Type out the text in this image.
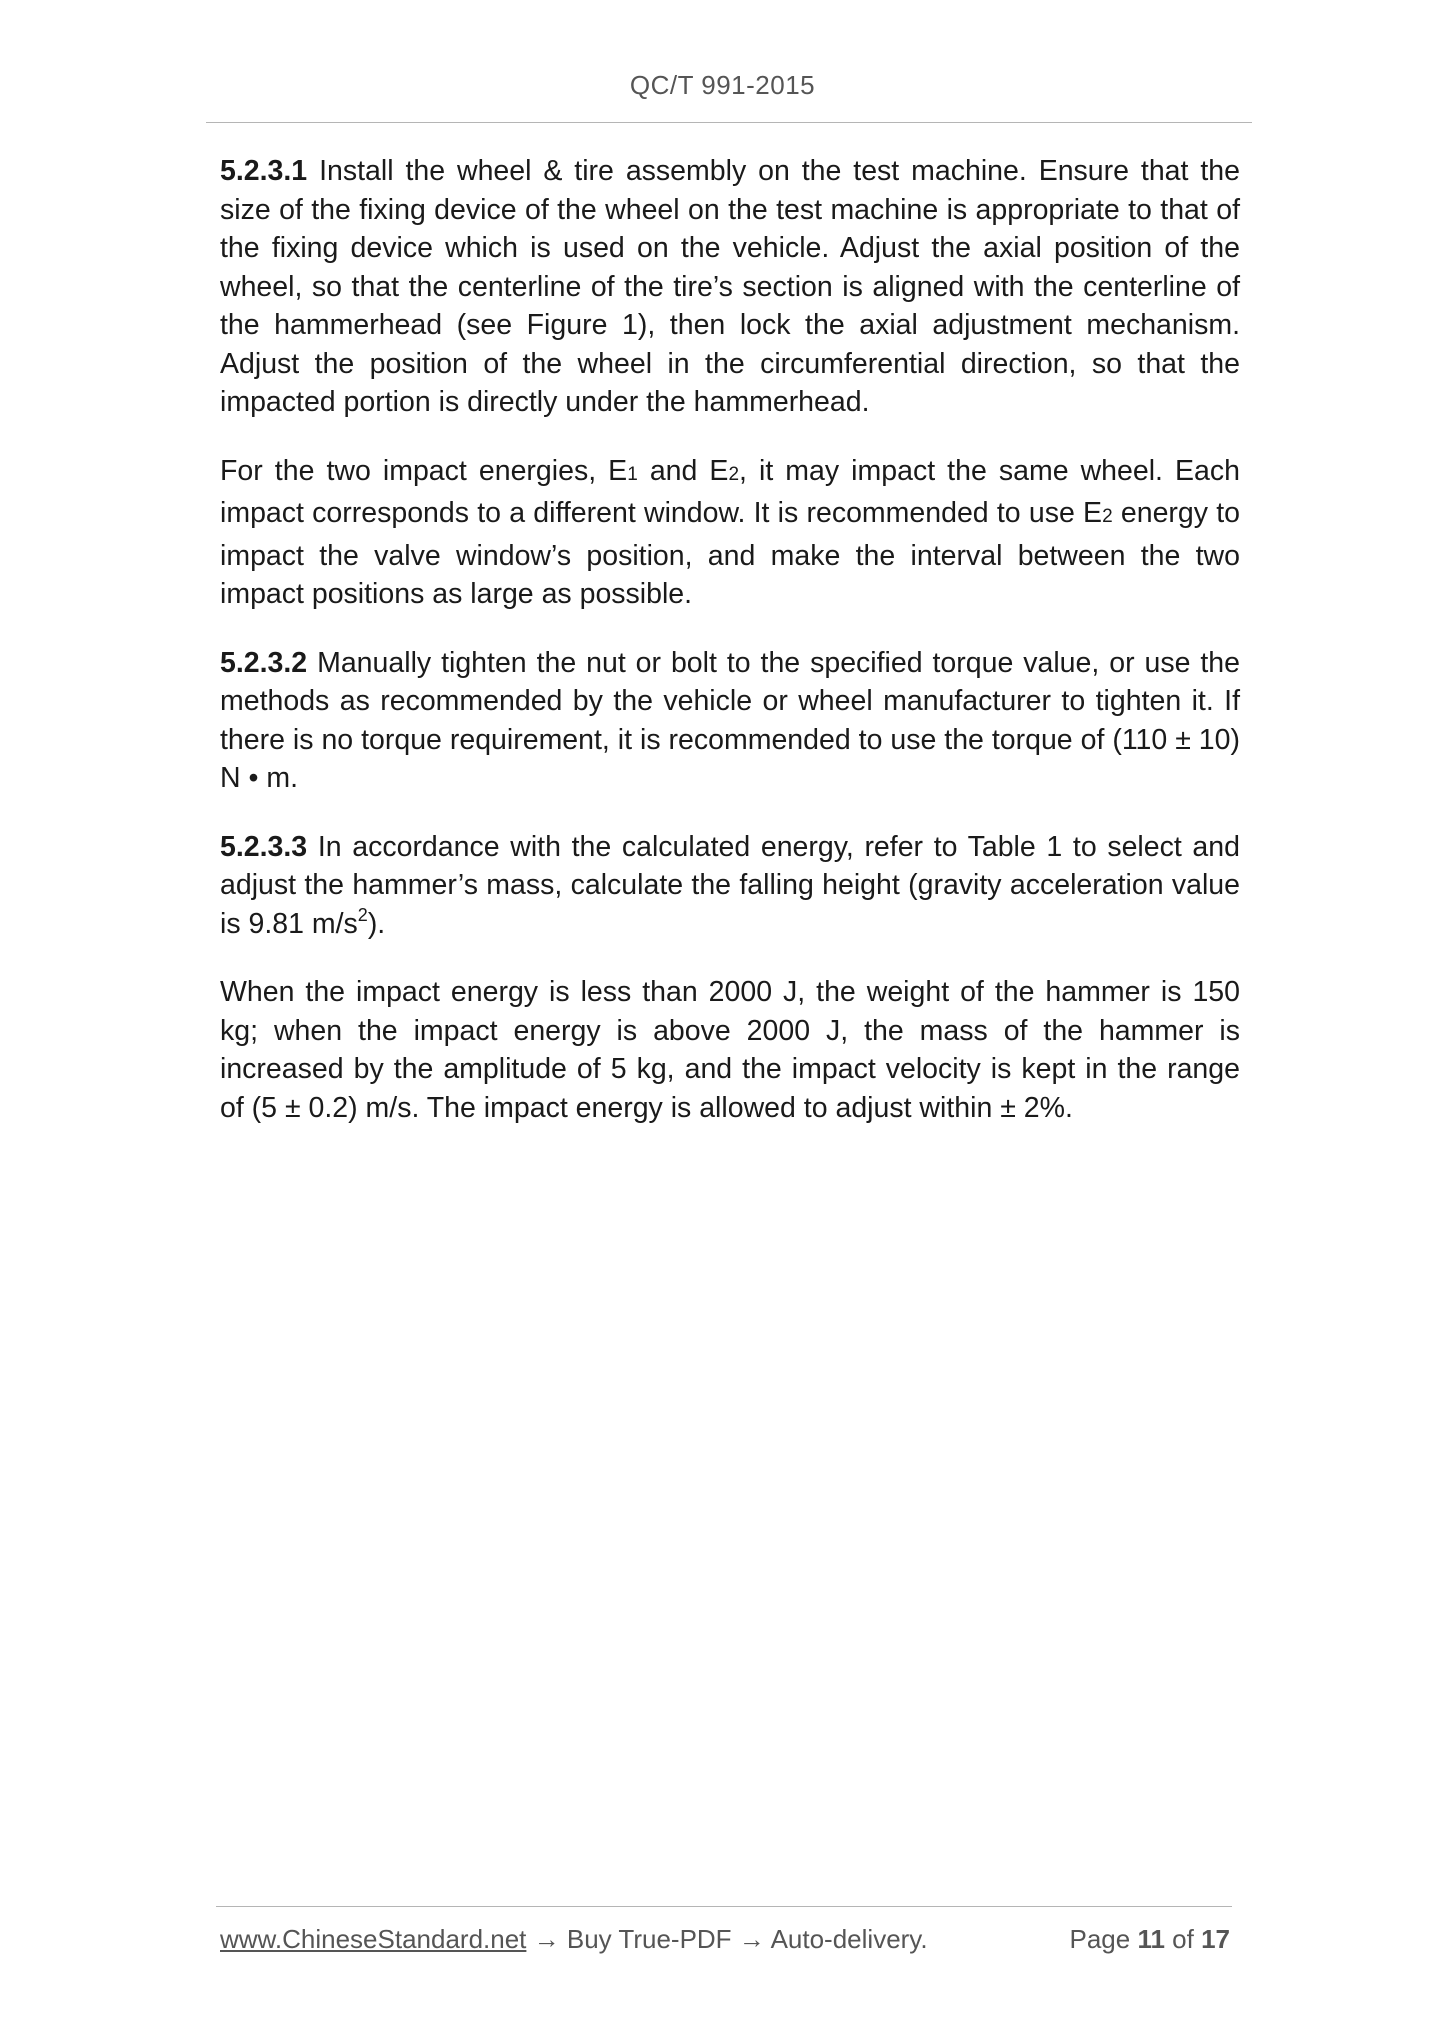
QC/T 991-2015

5.2.3.1 Install the wheel & tire assembly on the test machine. Ensure that the size of the fixing device of the wheel on the test machine is appropriate to that of the fixing device which is used on the vehicle. Adjust the axial position of the wheel, so that the centerline of the tire’s section is aligned with the centerline of the hammerhead (see Figure 1), then lock the axial adjustment mechanism. Adjust the position of the wheel in the circumferential direction, so that the impacted portion is directly under the hammerhead.

For the two impact energies, E1 and E2, it may impact the same wheel. Each impact corresponds to a different window. It is recommended to use E2 energy to impact the valve window’s position, and make the interval between the two impact positions as large as possible.

5.2.3.2 Manually tighten the nut or bolt to the specified torque value, or use the methods as recommended by the vehicle or wheel manufacturer to tighten it. If there is no torque requirement, it is recommended to use the torque of (110 ± 10) N • m.

5.2.3.3 In accordance with the calculated energy, refer to Table 1 to select and adjust the hammer’s mass, calculate the falling height (gravity acceleration value is 9.81 $m/s^2$).

When the impact energy is less than 2000 J, the weight of the hammer is 150 kg; when the impact energy is above 2000 J, the mass of the hammer is increased by the amplitude of 5 kg, and the impact velocity is kept in the range of (5 ± 0.2) m/s. The impact energy is allowed to adjust within ± 2%.

www.ChineseStandard.net → Buy True-PDF → Auto-delivery.	Page 11 of 17
